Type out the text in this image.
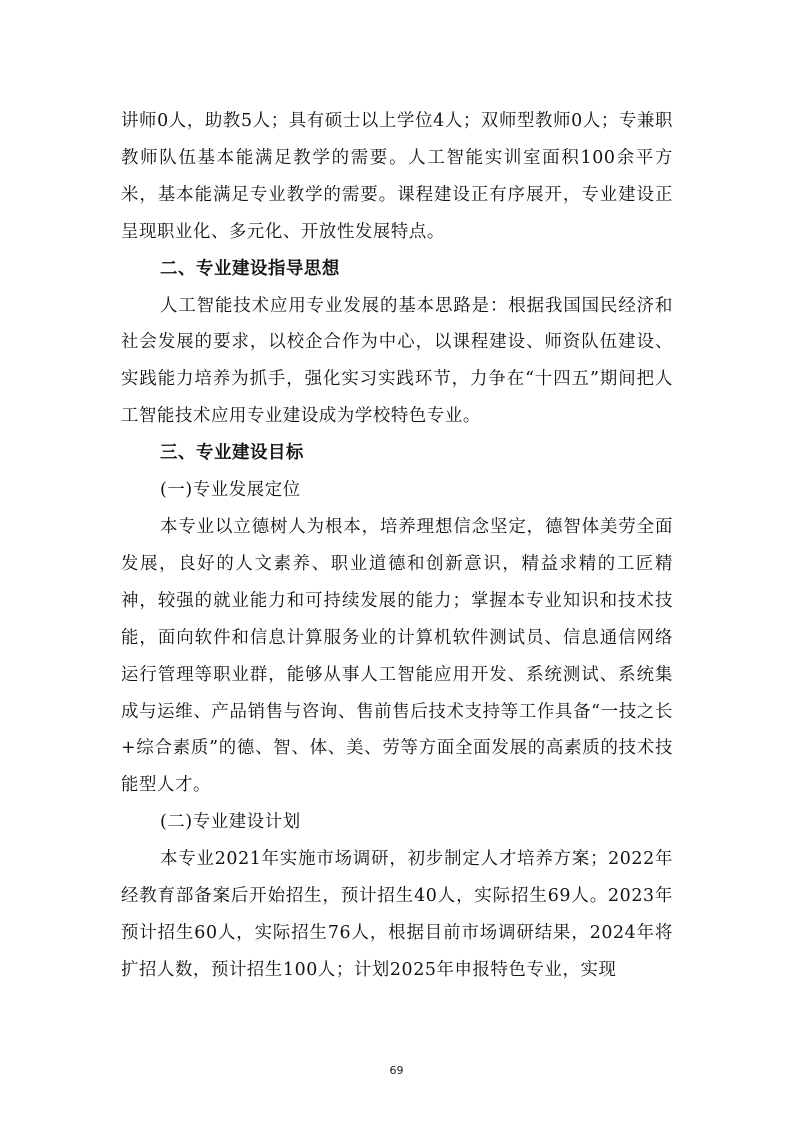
讲师0人，助教5人；具有硕士以上学位4人；双师型教师0人；专兼职教师队伍基本能满足教学的需要。人工智能实训室面积100余平方米，基本能满足专业教学的需要。课程建设正有序展开，专业建设正呈现职业化、多元化、开放性发展特点。

二、专业建设指导思想

人工智能技术应用专业发展的基本思路是：根据我国国民经济和社会发展的要求，以校企合作为中心，以课程建设、师资队伍建设、实践能力培养为抓手，强化实习实践环节，力争在“十四五”期间把人工智能技术应用专业建设成为学校特色专业。

三、专业建设目标

(一)专业发展定位

本专业以立德树人为根本，培养理想信念坚定，德智体美劳全面发展，良好的人文素养、职业道德和创新意识，精益求精的工匠精神，较强的就业能力和可持续发展的能力；掌握本专业知识和技术技能，面向软件和信息计算服务业的计算机软件测试员、信息通信网络运行管理等职业群，能够从事人工智能应用开发、系统测试、系统集成与运维、产品销售与咨询、售前售后技术支持等工作具备“一技之长+综合素质”的德、智、体、美、劳等方面全面发展的高素质的技术技能型人才。

(二)专业建设计划

本专业2021年实施市场调研，初步制定人才培养方案；2022年经教育部备案后开始招生，预计招生40人，实际招生69人。2023年预计招生60人，实际招生76人，根据目前市场调研结果，2024年将扩招人数，预计招生100人；计划2025年申报特色专业，实现

69
